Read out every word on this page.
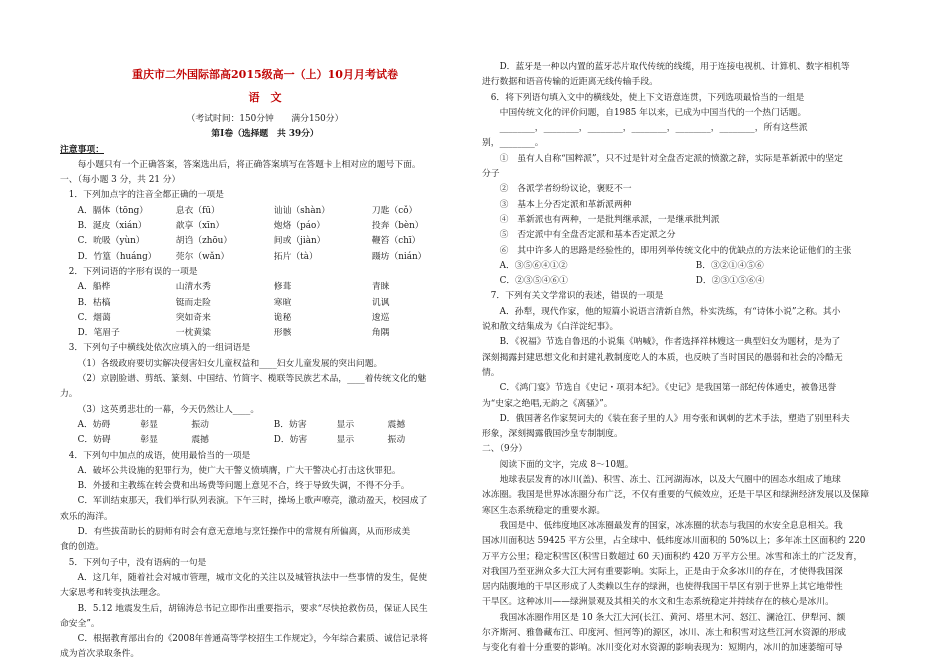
重庆市二外国际部高2015级高一（上）10月月考试卷
语　文
（考试时间：150分钟　　满分150分）
第Ⅰ卷（选择题　共 39分）
注意事项：
每小题只有一个正确答案，答案选出后，将正确答案填写在答题卡上相对应的题号下面。
一、（每小题 3 分，共 21 分）
1．下列加点字的注音全都正确的一项是
A．膈体（tōng）	息衣（fū）	讪讪（shàn）	刀匙（cǒ）
B．涎皮（xián）	歆享（xīn）	炮烙（páo）	投奔（bèn）
C．吮吸（yùn）	胡诌（zhōu）	间或（jiàn）	鞭笞（chī）
D．竹篁（huáng）	莞尔（wǎn）	拓片（tà）	蹑坊（nián）
2．下列词语的字形有误的一项是
A．船桦	山清水秀	修葺	青睐
B．枯槁	铤而走险	寒暄	讥讽
C．烟蔼	突如奇来	诡秘	逡巡
D．笔眉子	一枕黄粱	形骸	角隅
3．下列句子中横线处依次应填入的一组词语是
（1）各级政府要切实解决侵害妇女儿童权益和____妇女儿童发展的突出问题。
（2）京剧脸谱、剪纸、篆刻、中国结、竹简字、榄联等民族艺术品，____着传统文化的魅
力。
（3）这英勇悲壮的一幕，今天仍然让人____。
A．妨碍	彰显	振动	B．妨害	显示	震撼
C．妨碍	彰显	震撼	D．妨害	显示	振动
4．下列句中加点的成语，使用最恰当的一项是
A．破坏公共设施的犯罪行为，使广大干警义愤填膺，广大干警决心打击这伙罪犯。
B．外援和主教练在转会费和出场费等问题上意见不合，终于导致失调，不得不分手。
C．军训结束那天，我们举行队列表演。下午三时，操场上歌声嘹亮，激动盈天，校园成了
欢乐的海洋。
D．有些拔苗助长的厨师有时会有意无意地与烹饪操作中的常规有所偏离，从而形成美
食的创造。
5．下列句子中，没有语病的一句是
A．这几年，随着社会对城市管理，城市文化的关注以及城管执法中一些事情的发生，促使
大家思考和转变执法理念。
B．5.12 地震发生后，胡锦涛总书记立即作出重要指示，要求“尽快抢救伤员，保证人民生
命安全”。
C．根据教育部出台的《2008年普通高等学校招生工作规定》，今年综合素质、诚信记录将
成为首次录取条件。
D．蓝牙是一种以内置的蓝牙芯片取代传统的线缆，用于连接电视机、计算机、数字相机等
进行数据和语音传输的近距离无线传输手段。
6．将下列语句填入文中的横线处，使上下文语意连贯，下列选项最恰当的一组是
中国传统文化的评价问题，自1985 年以来，已成为中国当代的一个热门话题。
________，________，________，________，________，________，所有这些派
别，________。
①　虽有人自称“国粹派”，只不过是针对全盘否定派的愤激之辞，实际是革新派中的坚定
分子
②　各派学者纷纷议论，褒贬不一
③　基本上分否定派和革新派两种
④　革新派也有两种，一是批判继承派，一是继承批判派
⑤　否定派中有全盘否定派和基本否定派之分
⑥　其中许多人的思路是经验性的，即用列举传统文化中的优缺点的方法来论证他们的主张
A．③⑤⑥④①②	B．③②①④⑤⑥
C．②③⑤④⑥①	D．②③①⑤⑥④
7．下列有关文学常识的表述，错误的一项是
A．孙犁，现代作家，他的短篇小说语言清新自然，朴实洗练，有“诗体小说”之称。其小
说和散文结集成为《白洋淀纪事》。
B．《祝福》节选自鲁迅的小说集《呐喊》，作者选择祥林嫂这一典型妇女为题材，是为了
深刻揭露封建思想文化和封建礼教制度吃人的本质，也反映了当时国民的愚弱和社会的冷酷无
情。
C．《鸿门宴》节选自《史记・项羽本纪》。《史记》是我国第一部纪传体通史，被鲁迅誉
为“史家之绝唱,无韵之《离骚》”。
D．俄国著名作家契诃夫的《装在套子里的人》用夸张和讽刺的艺术手法，塑造了别里科夫
形象，深刻揭露俄国沙皇专制制度。
二、（9分）
阅读下面的文字，完成 8～10题。
地球表层发育的冰川(盖)、积雪、冻土、江河湖海冰，以及大气圈中的固态水组成了地球
冰冻圈。我国是世界冰冻圈分布广泛，不仅有重要的气候效应，还是干旱区和绿洲经济发展以及保障
寒区生态系统稳定的重要水源。
我国是中、低纬度地区冰冻圈最发育的国家，冰冻圈的状态与我国的水安全息息相关。我
国冰川面积达 59425 平方公里，占全球中、低纬度冰川面积的 50%以上；多年冻土区面积约 220
万平方公里；稳定积雪区(积雪日数超过 60 天)面积约 420 万平方公里。冰雪和冻土的广泛发育，
对我国乃至亚洲众多大江大河有重要影响。实际上，正是由于众多冰川的存在，才使得我国深
居内陆腹地的干旱区形成了人类赖以生存的绿洲，也使得我国干旱区有别于世界上其它地带性
干旱区。这种冰川——绿洲景观及其相关的水文和生态系统稳定并持续存在的核心是冰川。
我国冰冻圈作用区是 10 条大江大河(长江、黄河、塔里木河、怒江、澜沧江、伊犁河、额
尔齐斯河、雅鲁藏布江、印度河、恒河等)的源区，冰川、冻土和积雪对这些江河水资源的形成
与变化有着十分重要的影响。冰川变化对水资源的影响表现为：短期内，冰川的加速萎缩可导
